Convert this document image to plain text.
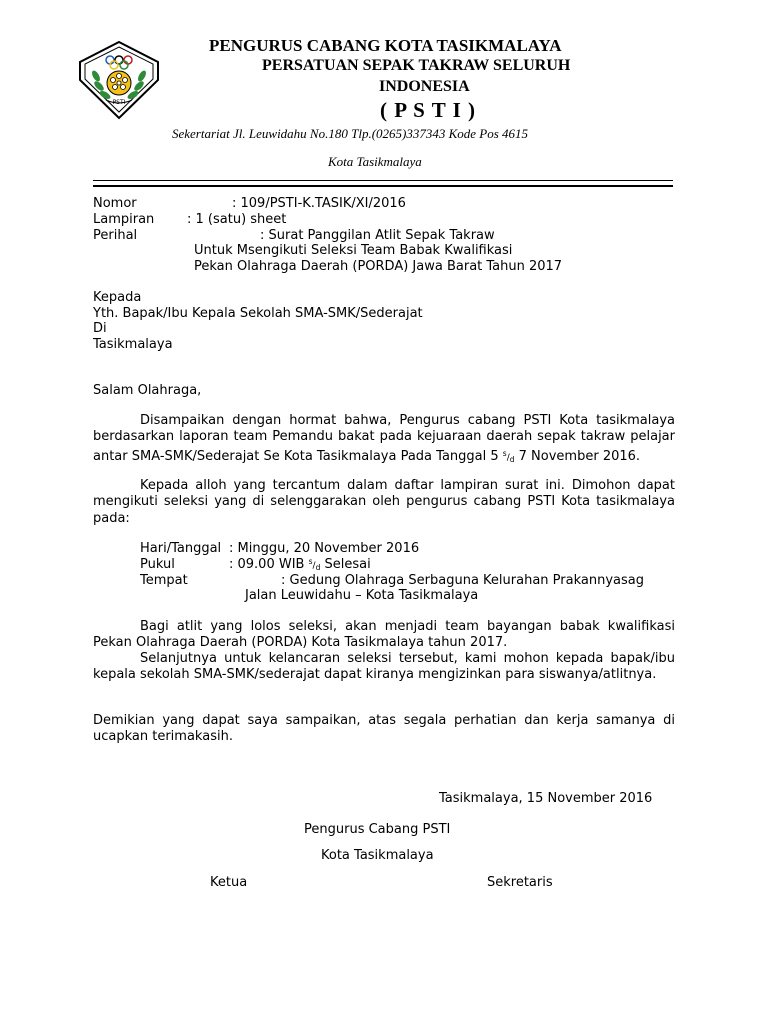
PSTI
PENGURUS CABANG KOTA TASIKMALAYA
PERSATUAN SEPAK TAKRAW SELURUH
INDONESIA
( P S T I )
Sekertariat Jl. Leuwidahu No.180 Tlp.(0265)337343 Kode Pos 4615
Kota Tasikmalaya
Nomor	: 109/PSTI-K.TASIK/XI/2016
Lampiran	: 1 (satu) sheet
Perihal	: Surat Panggilan Atlit Sepak Takraw
Untuk Msengikuti Seleksi Team Babak Kwalifikasi
Pekan Olahraga Daerah (PORDA) Jawa Barat Tahun 2017
Kepada
Yth. Bapak/Ibu Kepala Sekolah SMA-SMK/Sederajat
Di
Tasikmalaya
Salam Olahraga,
Disampaikan dengan hormat bahwa, Pengurus cabang PSTI Kota tasikmalaya berdasarkan laporan team Pemandu bakat pada kejuaraan daerah sepak takraw pelajar antar SMA-SMK/Sederajat Se Kota Tasikmalaya Pada Tanggal 5 $^s/_d$ 7 November 2016.
Kepada alloh yang tercantum dalam daftar lampiran surat ini. Dimohon dapat mengikuti seleksi yang di selenggarakan oleh pengurus cabang PSTI Kota tasikmalaya pada:
Hari/Tanggal : Minggu, 20 November 2016
Pukul	: 09.00 WIB $^s/_d$ Selesai
Tempat	: Gedung Olahraga Serbaguna Kelurahan Prakannyasag
Jalan Leuwidahu – Kota Tasikmalaya
Bagi atlit yang lolos seleksi, akan menjadi team bayangan babak kwalifikasi Pekan Olahraga Daerah (PORDA) Kota Tasikmalaya tahun 2017.
Selanjutnya untuk kelancaran seleksi tersebut, kami mohon kepada bapak/ibu kepala sekolah SMA-SMK/sederajat dapat kiranya mengizinkan para siswanya/atlitnya.
Demikian yang dapat saya sampaikan, atas segala perhatian dan kerja samanya di ucapkan terimakasih.
Tasikmalaya, 15 November 2016
Pengurus Cabang PSTI
Kota Tasikmalaya
Ketua	Sekretaris
